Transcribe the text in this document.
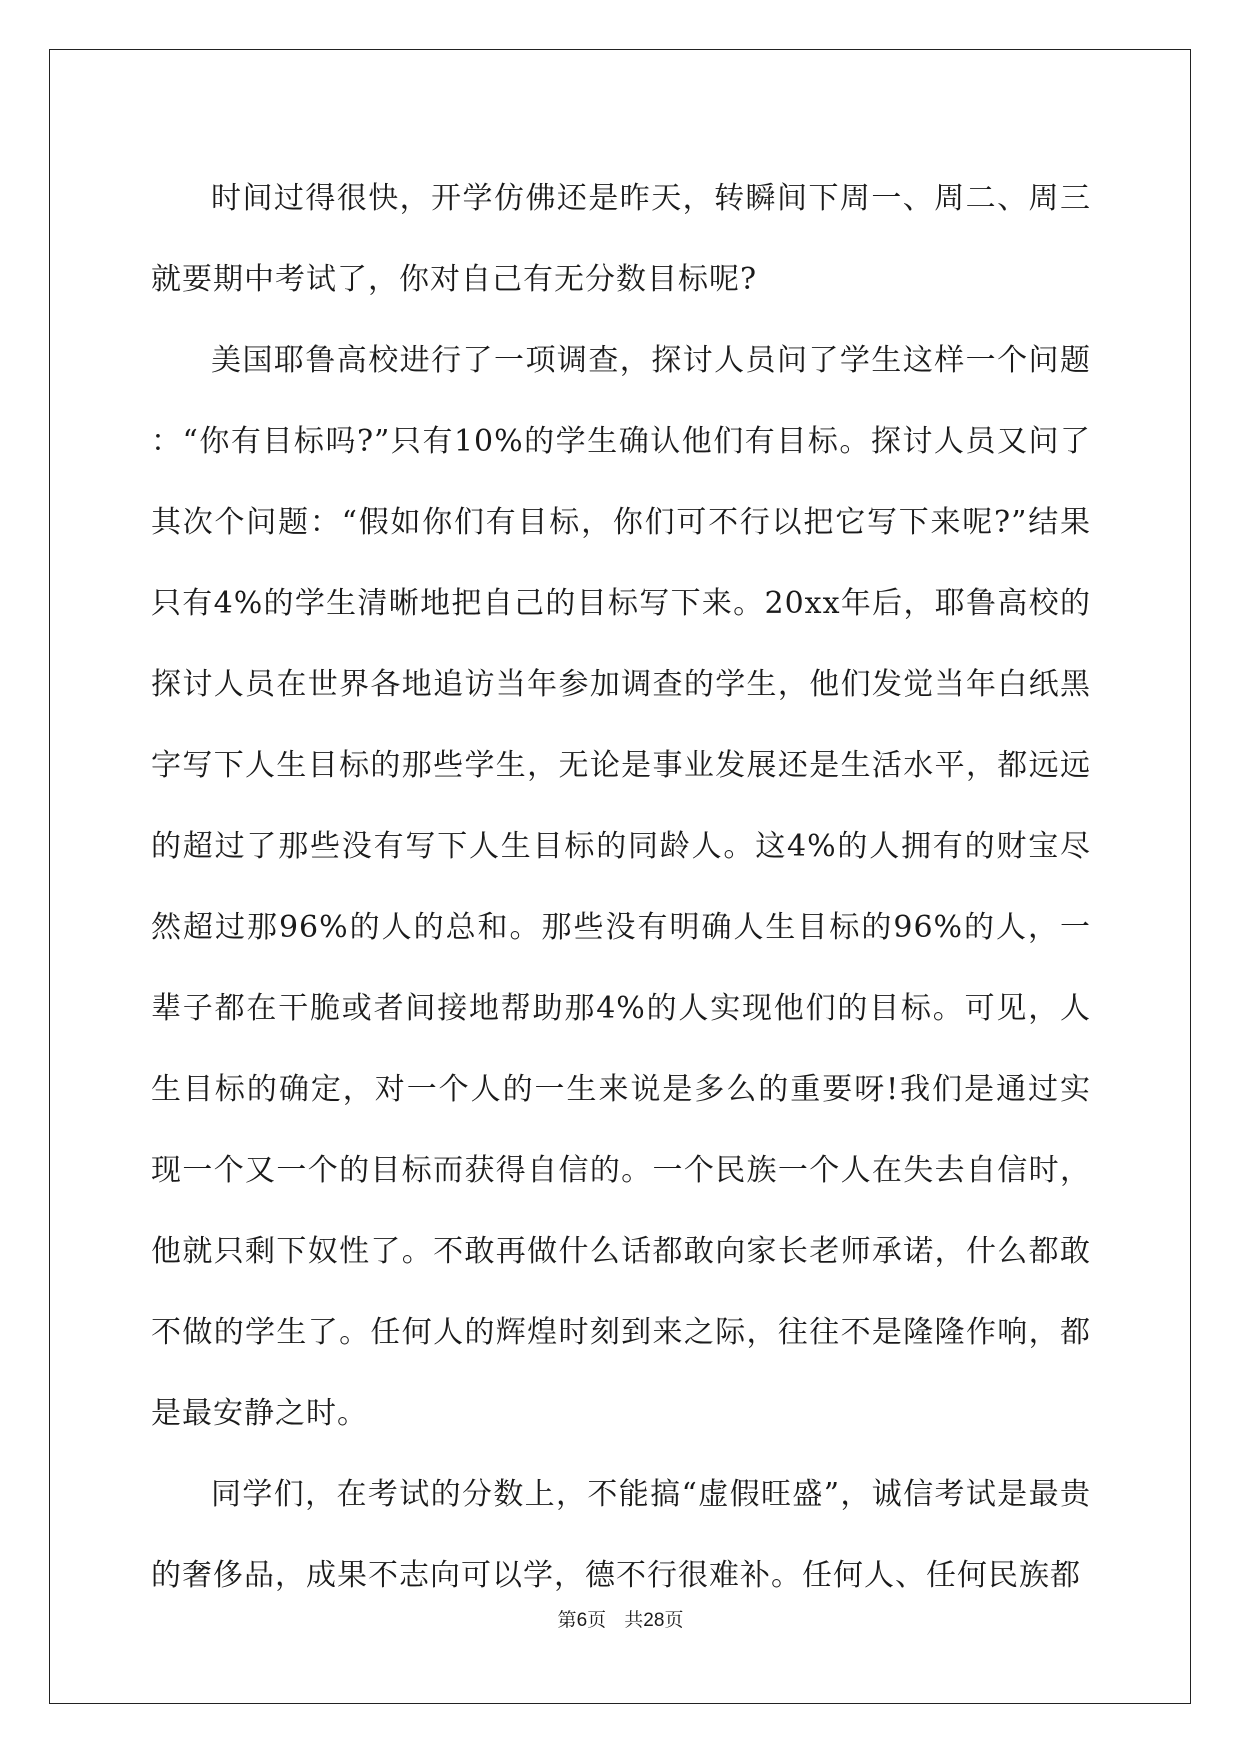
时间过得很快，开学仿佛还是昨天，转瞬间下周一、周二、周三就要期中考试了，你对自己有无分数目标呢?

美国耶鲁高校进行了一项调查，探讨人员问了学生这样一个问题：“你有目标吗?”只有10%的学生确认他们有目标。探讨人员又问了其次个问题：“假如你们有目标，你们可不行以把它写下来呢?”结果只有4%的学生清晰地把自己的目标写下来。20xx年后，耶鲁高校的探讨人员在世界各地追访当年参加调查的学生，他们发觉当年白纸黑字写下人生目标的那些学生，无论是事业发展还是生活水平，都远远的超过了那些没有写下人生目标的同龄人。这4%的人拥有的财宝尽然超过那96%的人的总和。那些没有明确人生目标的96%的人，一辈子都在干脆或者间接地帮助那4%的人实现他们的目标。可见，人生目标的确定，对一个人的一生来说是多么的重要呀!我们是通过实现一个又一个的目标而获得自信的。一个民族一个人在失去自信时，他就只剩下奴性了。不敢再做什么话都敢向家长老师承诺，什么都敢不做的学生了。任何人的辉煌时刻到来之际，往往不是隆隆作响，都是最安静之时。

同学们，在考试的分数上，不能搞“虚假旺盛”，诚信考试是最贵的奢侈品，成果不志向可以学，德不行很难补。任何人、任何民族都

第6页 共28页
